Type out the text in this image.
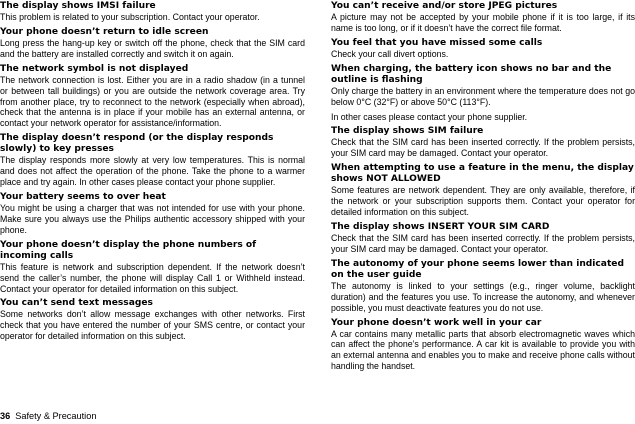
The display shows IMSI failure

This problem is related to your subscription. Contact your operator.

Your phone doesn’t return to idle screen

Long press the hang-up key or switch off the phone, check that the SIM card and the battery are installed correctly and switch it on again.

The network symbol is not displayed

The network connection is lost. Either you are in a radio shadow (in a tunnel or between tall buildings) or you are outside the network coverage area. Try from another place, try to reconnect to the network (especially when abroad), check that the antenna is in place if your mobile has an external antenna, or contact your network operator for assistance/information.

The display doesn’t respond (or the display responds slowly) to key presses

The display responds more slowly at very low temperatures. This is normal and does not affect the operation of the phone. Take the phone to a warmer place and try again. In other cases please contact your phone supplier.

Your battery seems to over heat

You might be using a charger that was not intended for use with your phone. Make sure you always use the Philips authentic accessory shipped with your phone.

Your phone doesn’t display the phone numbers of incoming calls

This feature is network and subscription dependent. If the network doesn’t send the caller’s number, the phone will display Call 1 or Withheld instead. Contact your operator for detailed information on this subject.

You can’t send text messages

Some networks don’t allow message exchanges with other networks. First check that you have entered the number of your SMS centre, or contact your operator for detailed information on this subject.

You can’t receive and/or store JPEG pictures

A picture may not be accepted by your mobile phone if it is too large, if its name is too long, or if it doesn’t have the correct file format.

You feel that you have missed some calls

Check your call divert options.

When charging, the battery icon shows no bar and the outline is flashing

Only charge the battery in an environment where the temperature does not go below 0°C (32°F) or above 50°C (113°F).

In other cases please contact your phone supplier.

The display shows SIM failure

Check that the SIM card has been inserted correctly. If the problem persists, your SIM card may be damaged. Contact your operator.

When attempting to use a feature in the menu, the display shows NOT ALLOWED

Some features are network dependent. They are only available, therefore, if the network or your subscription supports them. Contact your operator for detailed information on this subject.

The display shows INSERT YOUR SIM CARD

Check that the SIM card has been inserted correctly. If the problem persists, your SIM card may be damaged. Contact your operator.

The autonomy of your phone seems lower than indicated on the user guide

The autonomy is linked to your settings (e.g., ringer volume, backlight duration) and the features you use. To increase the autonomy, and whenever possible, you must deactivate features you do not use.

Your phone doesn’t work well in your car

A car contains many metallic parts that absorb electromagnetic waves which can affect the phone’s performance. A car kit is available to provide you with an external antenna and enables you to make and receive phone calls without handling the handset.

36 Safety & Precaution
